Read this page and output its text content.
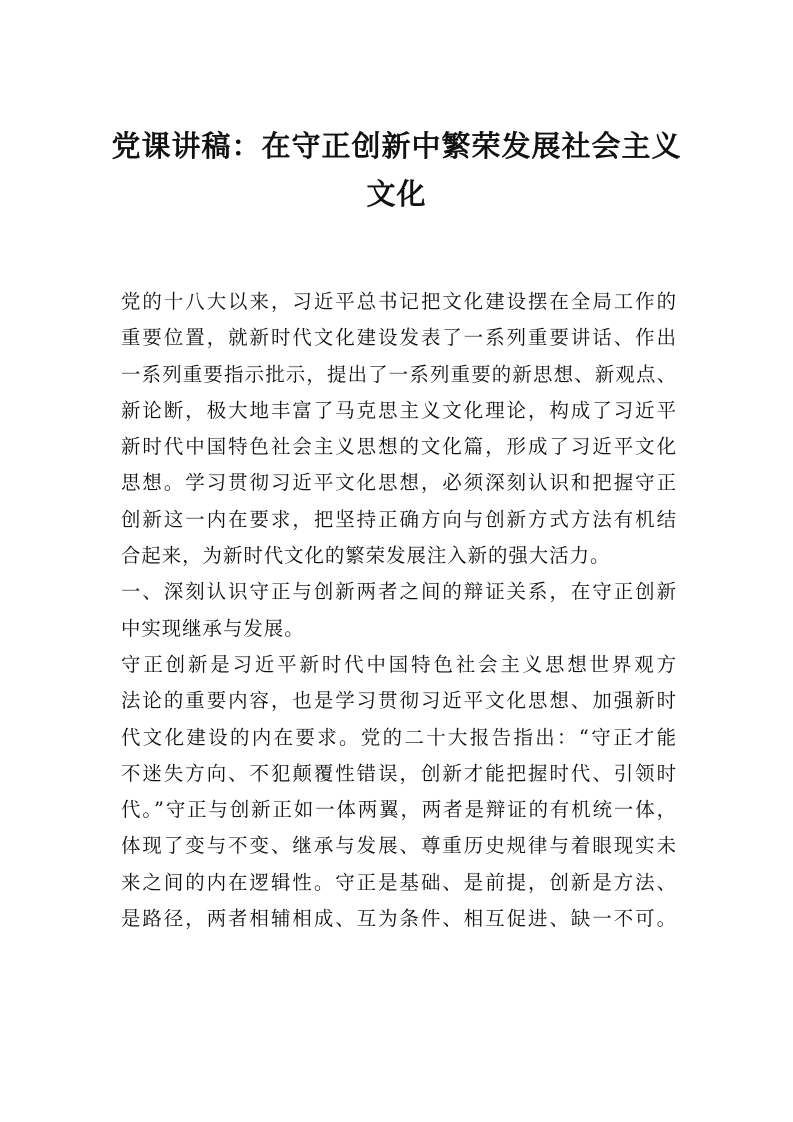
党课讲稿：在守正创新中繁荣发展社会主义
文化
党的十八大以来，习近平总书记把文化建设摆在全局工作的
重要位置，就新时代文化建设发表了一系列重要讲话、作出
一系列重要指示批示，提出了一系列重要的新思想、新观点、
新论断，极大地丰富了马克思主义文化理论，构成了习近平
新时代中国特色社会主义思想的文化篇，形成了习近平文化
思想。学习贯彻习近平文化思想，必须深刻认识和把握守正
创新这一内在要求，把坚持正确方向与创新方式方法有机结
合起来，为新时代文化的繁荣发展注入新的强大活力。
一、深刻认识守正与创新两者之间的辩证关系，在守正创新
中实现继承与发展。
守正创新是习近平新时代中国特色社会主义思想世界观方
法论的重要内容，也是学习贯彻习近平文化思想、加强新时
代文化建设的内在要求。党的二十大报告指出：“守正才能
不迷失方向、不犯颠覆性错误，创新才能把握时代、引领时
代。”守正与创新正如一体两翼，两者是辩证的有机统一体，
体现了变与不变、继承与发展、尊重历史规律与着眼现实未
来之间的内在逻辑性。守正是基础、是前提，创新是方法、
是路径，两者相辅相成、互为条件、相互促进、缺一不可。
